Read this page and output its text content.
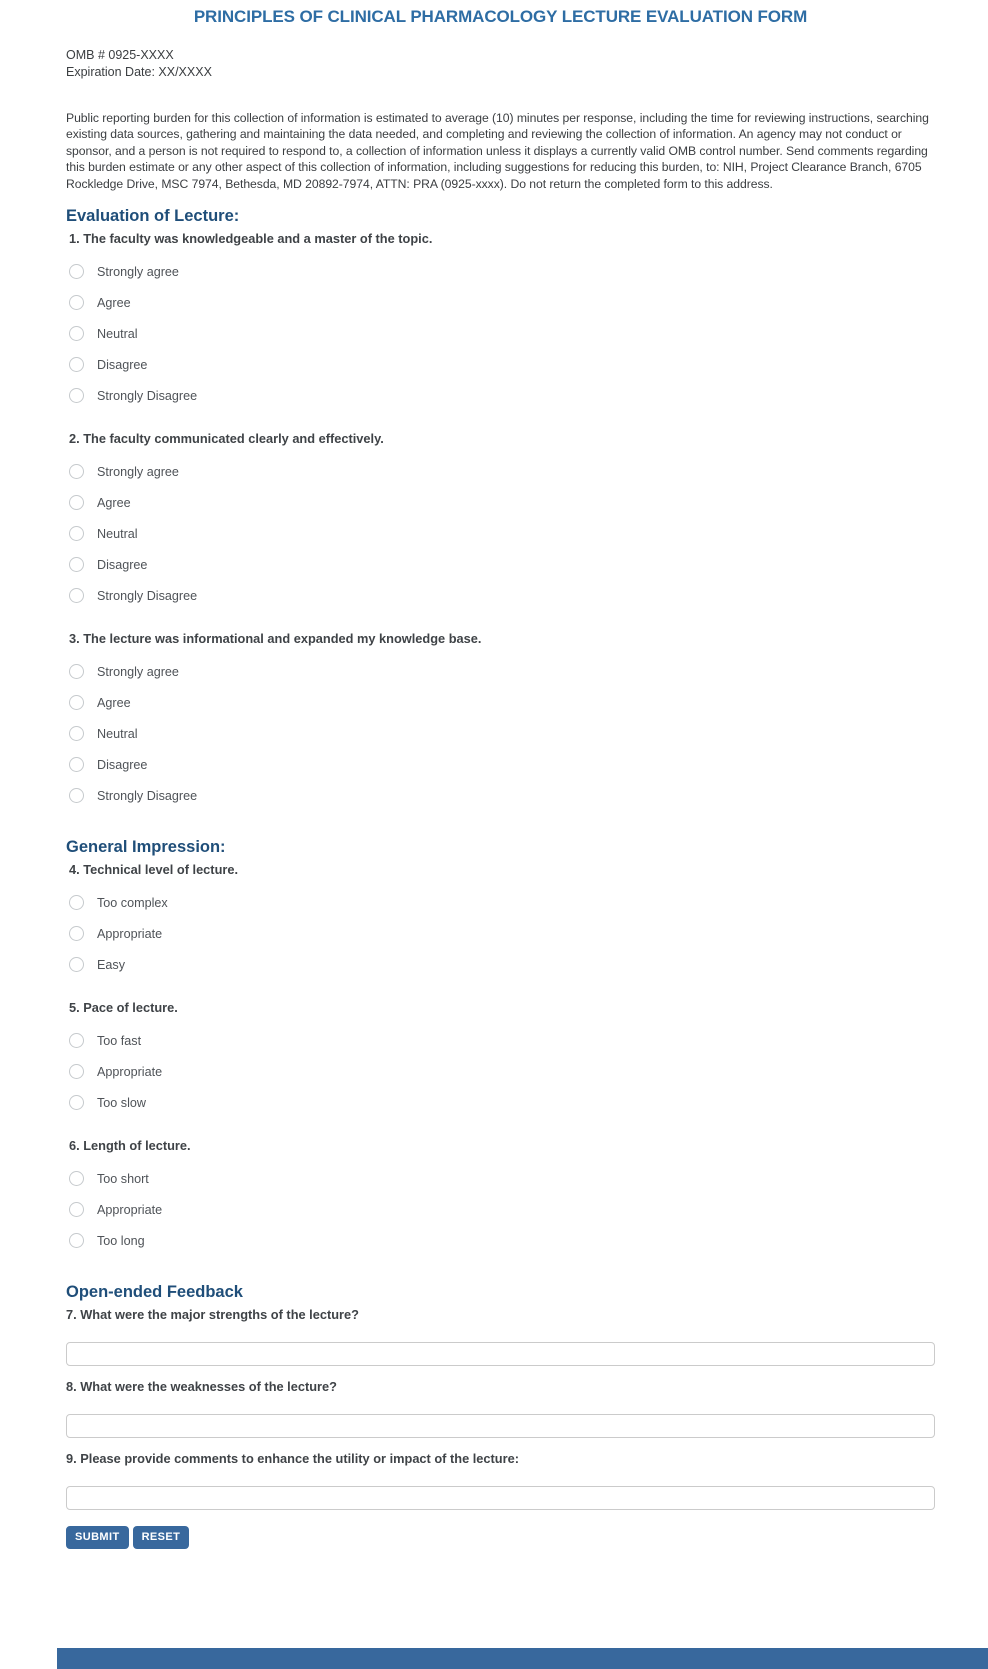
PRINCIPLES OF CLINICAL PHARMACOLOGY LECTURE EVALUATION FORM
OMB # 0925-XXXX
Expiration Date: XX/XXXX

Public reporting burden for this collection of information is estimated to average (10) minutes per response, including the time for reviewing instructions, searching existing data sources, gathering and maintaining the data needed, and completing and reviewing the collection of information. An agency may not conduct or sponsor, and a person is not required to respond to, a collection of information unless it displays a currently valid OMB control number. Send comments regarding this burden estimate or any other aspect of this collection of information, including suggestions for reducing this burden, to: NIH, Project Clearance Branch, 6705 Rockledge Drive, MSC 7974, Bethesda, MD 20892-7974, ATTN: PRA (0925-xxxx). Do not return the completed form to this address.

Evaluation of Lecture:
1. The faculty was knowledgeable and a master of the topic.
Strongly agree
Agree
Neutral
Disagree
Strongly Disagree
2. The faculty communicated clearly and effectively.
Strongly agree
Agree
Neutral
Disagree
Strongly Disagree
3. The lecture was informational and expanded my knowledge base.
Strongly agree
Agree
Neutral
Disagree
Strongly Disagree
General Impression:
4. Technical level of lecture.
Too complex
Appropriate
Easy
5. Pace of lecture.
Too fast
Appropriate
Too slow
6. Length of lecture.
Too short
Appropriate
Too long
Open-ended Feedback
7. What were the major strengths of the lecture?
8. What were the weaknesses of the lecture?
9. Please provide comments to enhance the utility or impact of the lecture:
SUBMIT	RESET
